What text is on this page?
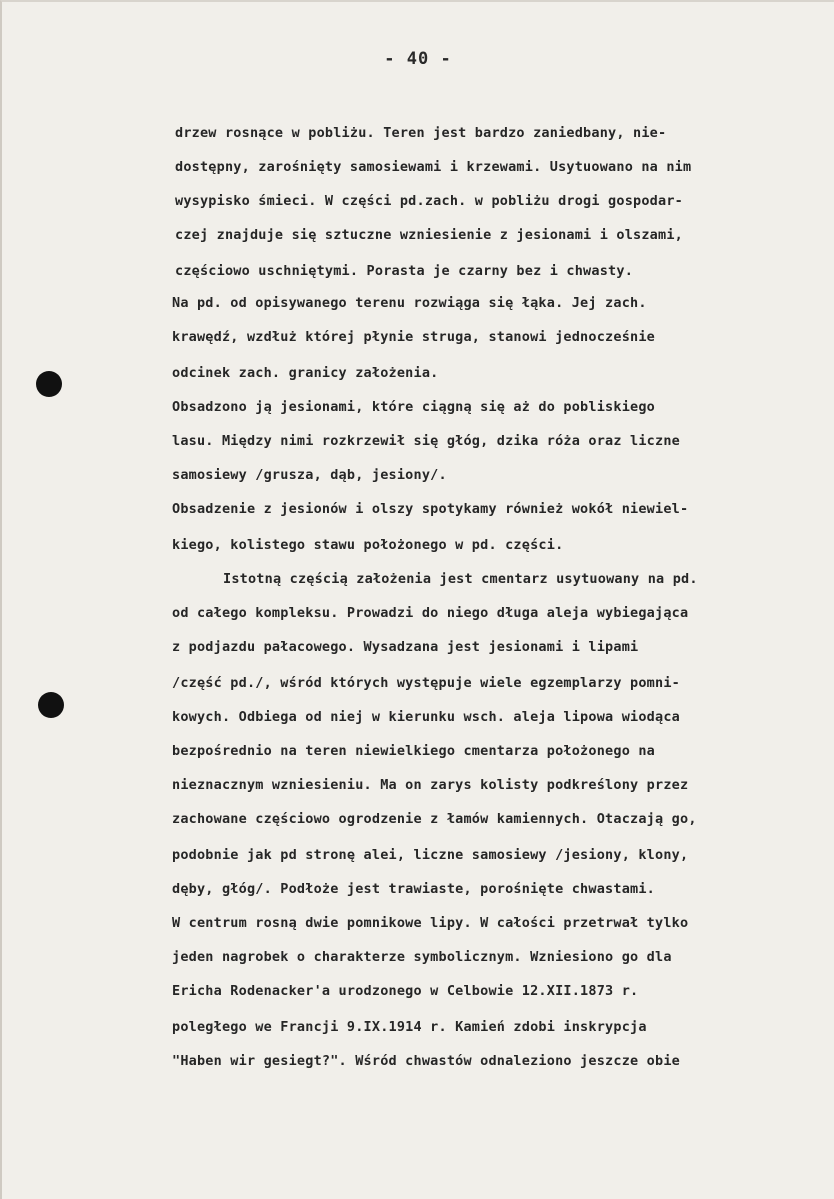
- 40 -
drzew rosnące w pobliżu. Teren jest bardzo zaniedbany, nie-
dostępny, zarośnięty samosiewami i krzewami. Usytuowano na nim
wysypisko śmieci. W części pd.zach. w pobliżu drogi gospodar-
czej znajduje się sztuczne wzniesienie z jesionami i olszami,
częściowo uschniętymi. Porasta je czarny bez i chwasty.
Na pd. od opisywanego terenu rozwiąga się łąka. Jej zach.
krawędź, wzdłuż której płynie struga, stanowi jednocześnie
odcinek zach. granicy założenia.
Obsadzono ją jesionami, które ciągną się aż do pobliskiego
lasu. Między nimi rozkrzewił się głóg, dzika róża oraz liczne
samosiewy /grusza, dąb, jesiony/.
Obsadzenie z jesionów i olszy spotykamy również wokół niewiel-
kiego, kolistego stawu położonego w pd. części.
Istotną częścią założenia jest cmentarz usytuowany na pd.
od całego kompleksu. Prowadzi do niego długa aleja wybiegająca
z podjazdu pałacowego. Wysadzana jest jesionami i lipami
/część pd./, wśród których występuje wiele egzemplarzy pomni-
kowych. Odbiega od niej w kierunku wsch. aleja lipowa wiodąca
bezpośrednio na teren niewielkiego cmentarza położonego na
nieznacznym wzniesieniu. Ma on zarys kolisty podkreślony przez
zachowane częściowo ogrodzenie z łamów kamiennych. Otaczają go,
podobnie jak pd stronę alei, liczne samosiewy /jesiony, klony,
dęby, głóg/. Podłoże jest trawiaste, porośnięte chwastami.
W centrum rosną dwie pomnikowe lipy. W całości przetrwał tylko
jeden nagrobek o charakterze symbolicznym. Wzniesiono go dla
Ericha Rodenacker'a urodzonego w Celbowie 12.XII.1873 r.
poległego we Francji 9.IX.1914 r. Kamień zdobi inskrypcja
"Haben wir gesiegt?". Wśród chwastów odnaleziono jeszcze obie
